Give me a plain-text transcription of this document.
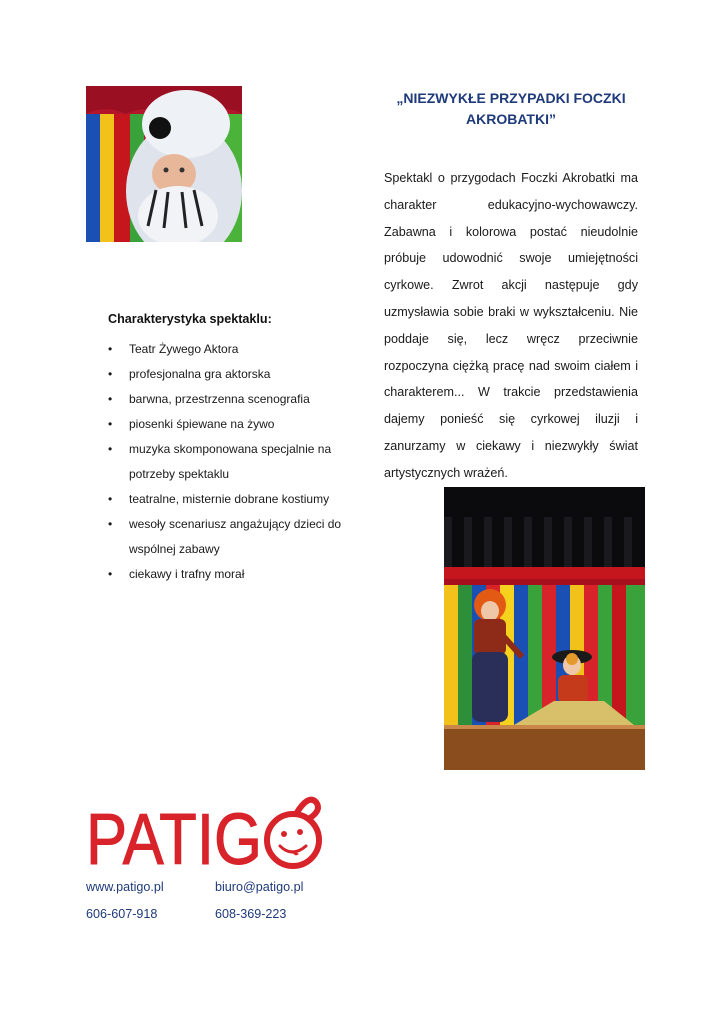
„NIEZWYKŁE PRZYPADKI FOCZKI AKROBATKI”
Spektakl o przygodach Foczki Akrobatki ma charakter edukacyjno-wychowawczy. Zabawna i kolorowa postać nieudolnie próbuje udowodnić swoje umiejętności cyrkowe. Zwrot akcji następuje gdy uzmysławia sobie braki w wykształceniu. Nie poddaje się, lecz wręcz przeciwnie rozpoczyna ciężką pracę nad swoim ciałem i charakterem... W trakcie przedstawienia dajemy ponieść się cyrkowej iluzji i zanurzamy w ciekawy i niezwykły świat artystycznych wrażeń.
Charakterystyka spektaklu:
• Teatr Żywego Aktora
• profesjonalna gra aktorska
• barwna, przestrzenna scenografia
• piosenki śpiewane na żywo
• muzyka skomponowana specjalnie na potrzeby spektaklu
• teatralne, misternie dobrane kostiumy
• wesoły scenariusz angażujący dzieci do wspólnej zabawy
• ciekawy i trafny morał
PATIG
www.patigo.pl	biuro@patigo.pl
606-607-918	608-369-223
